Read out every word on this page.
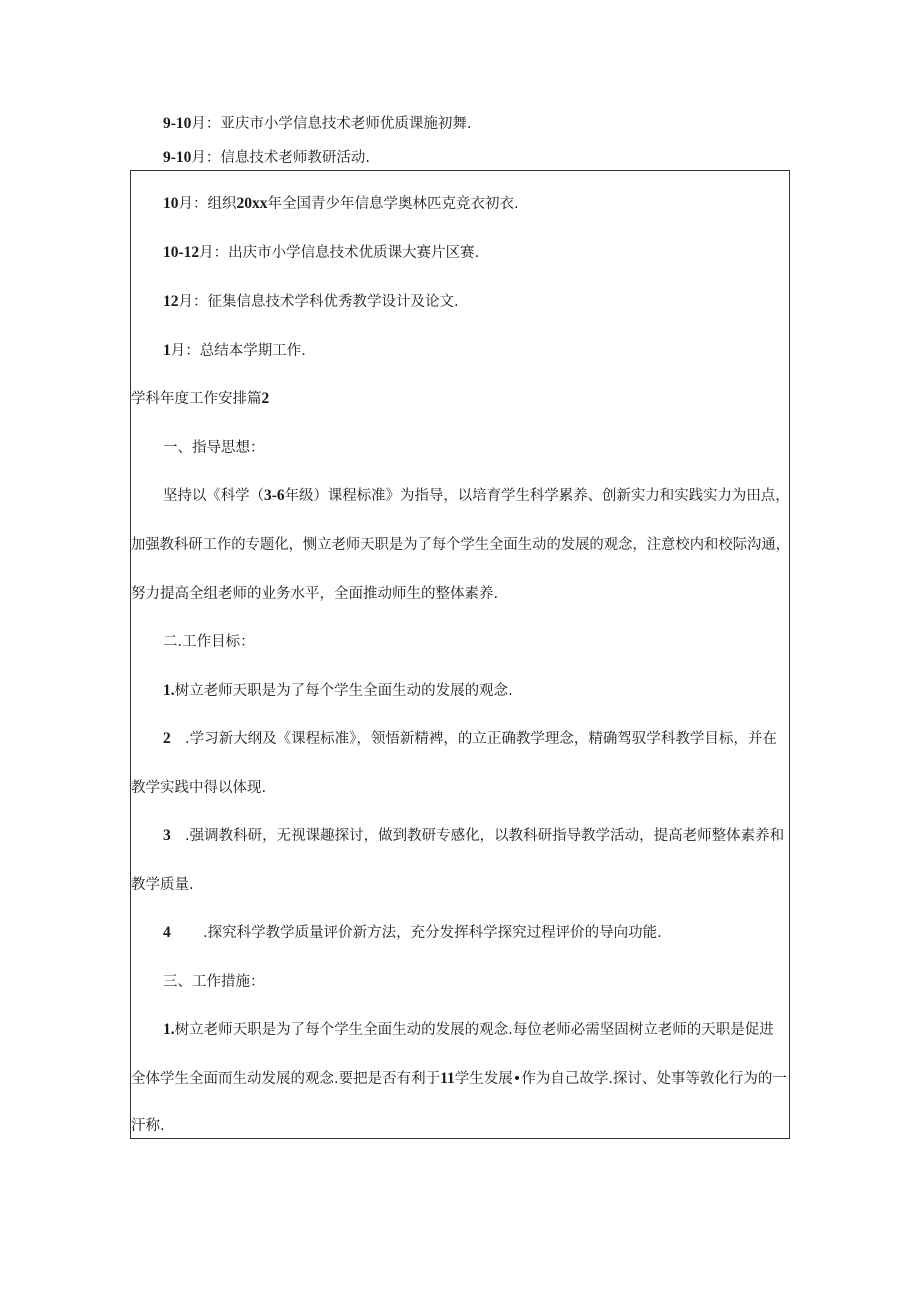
9-10月：亚庆市小学信息技术老师优质课施初舞.
9-10月：信息技术老师教研活动.
10月：组织20xx年全国青少年信息学奥林匹克竞衣初衣.
10-12月：出庆市小学信息技术优质课大赛片区赛.
12月：征集信息技术学科优秀教学设计及论文.
1月：总结本学期工作.
学科年度工作安排篇2
一、指导思想：
坚持以《科学（3-6年级）课程标准》为指导，以培育学生科学累养、创新实力和实践实力为田点，
加强教科研工作的专题化，恻立老师天职是为了每个学生全面生动的发展的观念，注意校内和校际沟通，
努力提高全组老师的业务水平，全面推动师生的整体素养.
二.工作目标：
1.树立老师天职是为了每个学生全面生动的发展的观念.
2 .学习新大纲及《课程标准》，领悟新精裨，的立正确教学理念，精确驾驭学科教学目标，并在
教学实践中得以体现.
3 .强调教科研，无视课趣探讨，做到教研专感化，以教科研指导教学活动，提高老师整体素养和
教学质量.
4 .探究科学教学质量评价新方法，充分发挥科学探究过程评价的导向功能.
三、工作措施：
1.树立老师天职是为了每个学生全面生动的发展的观念.每位老师必需坚固树立老师的天职是促进
全体学生全面而生动发展的观念.要把是否有利于11学生发展•作为自己故学.探讨、处事等敦化行为的一
汗称.
